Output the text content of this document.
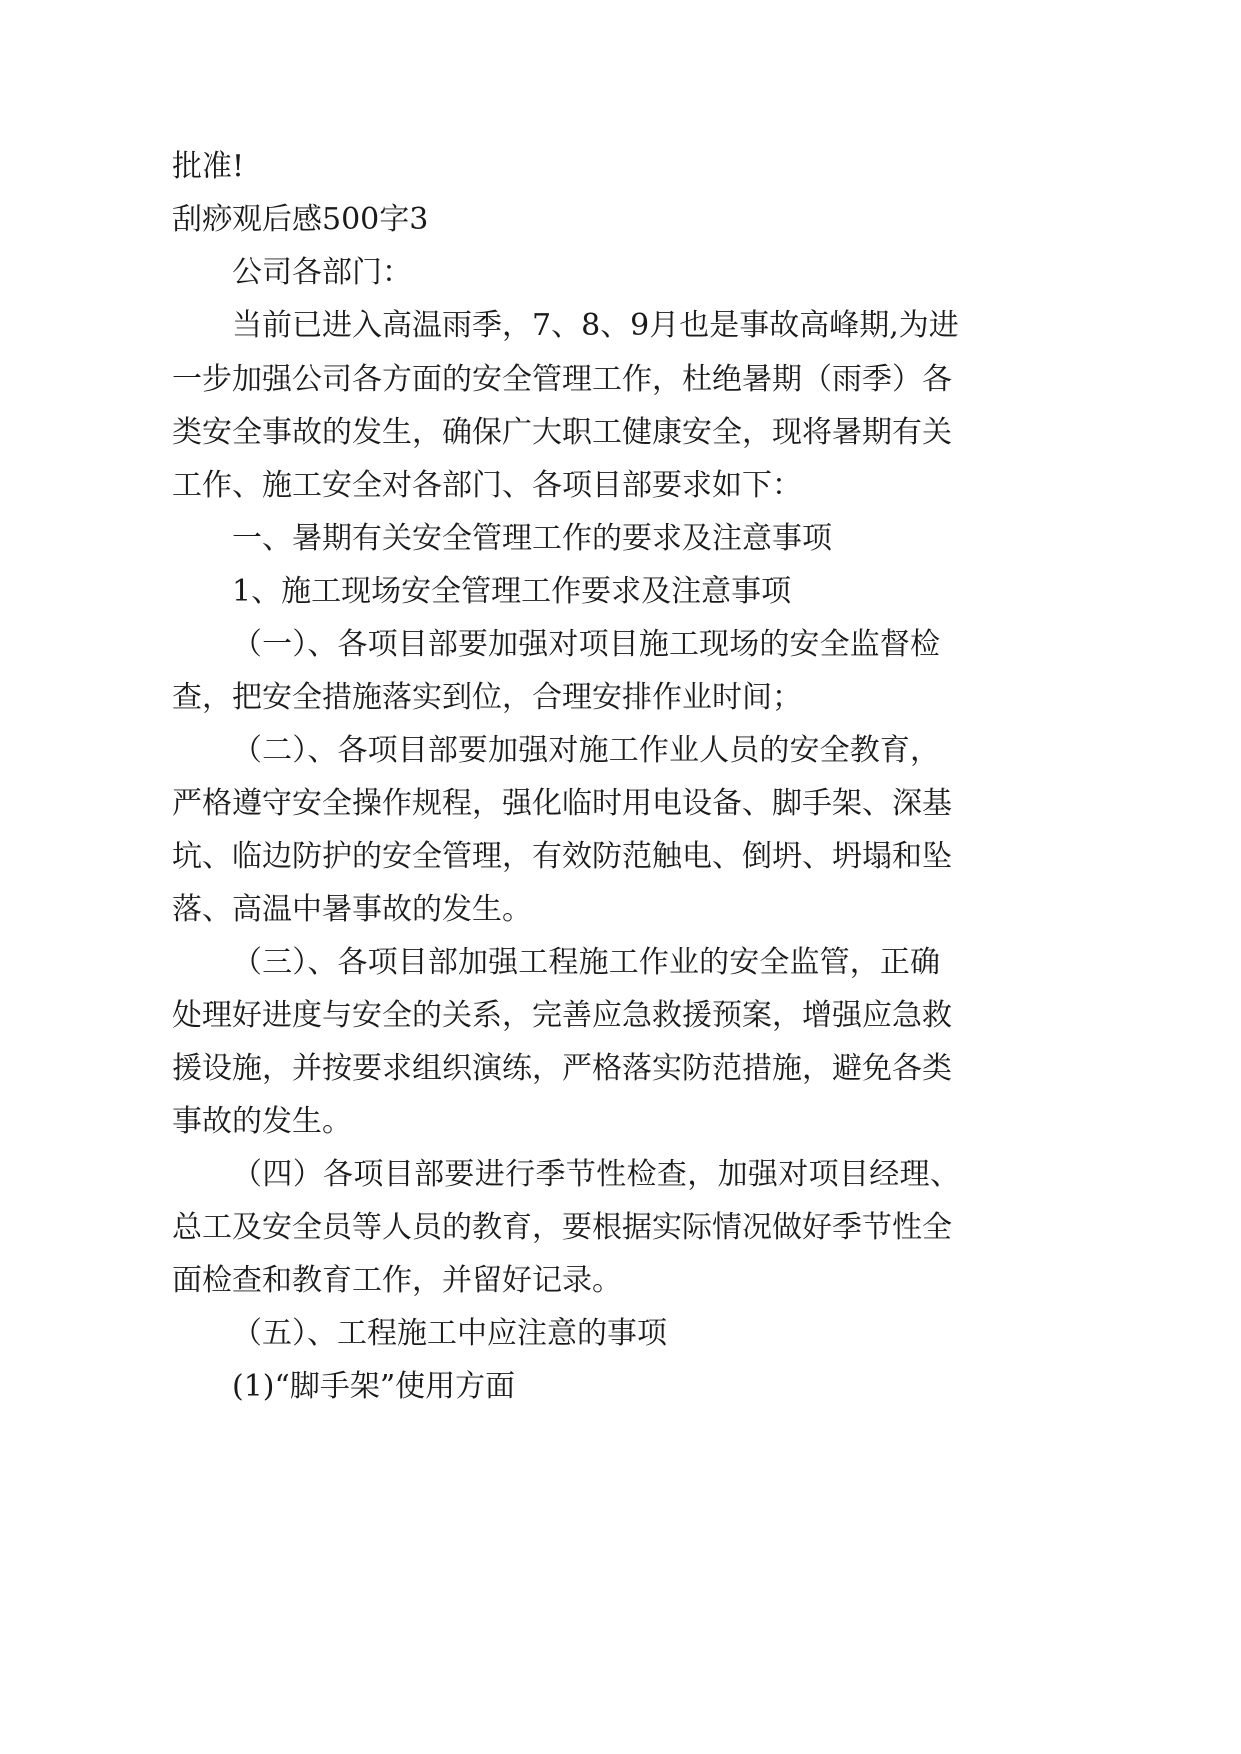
批准!

刮痧观后感500字3

公司各部门：

当前已进入高温雨季，7、8、9月也是事故高峰期,为进

一步加强公司各方面的安全管理工作，杜绝暑期（雨季）各

类安全事故的发生，确保广大职工健康安全，现将暑期有关

工作、施工安全对各部门、各项目部要求如下：

一、暑期有关安全管理工作的要求及注意事项

1、施工现场安全管理工作要求及注意事项

（一）、各项目部要加强对项目施工现场的安全监督检

查，把安全措施落实到位，合理安排作业时间；

（二）、各项目部要加强对施工作业人员的安全教育，

严格遵守安全操作规程，强化临时用电设备、脚手架、深基

坑、临边防护的安全管理，有效防范触电、倒坍、坍塌和坠

落、高温中暑事故的发生。

（三）、各项目部加强工程施工作业的安全监管，正确

处理好进度与安全的关系，完善应急救援预案，增强应急救

援设施，并按要求组织演练，严格落实防范措施，避免各类

事故的发生。

（四）各项目部要进行季节性检查，加强对项目经理、

总工及安全员等人员的教育，要根据实际情况做好季节性全

面检查和教育工作，并留好记录。

（五）、工程施工中应注意的事项

(1)“脚手架”使用方面
